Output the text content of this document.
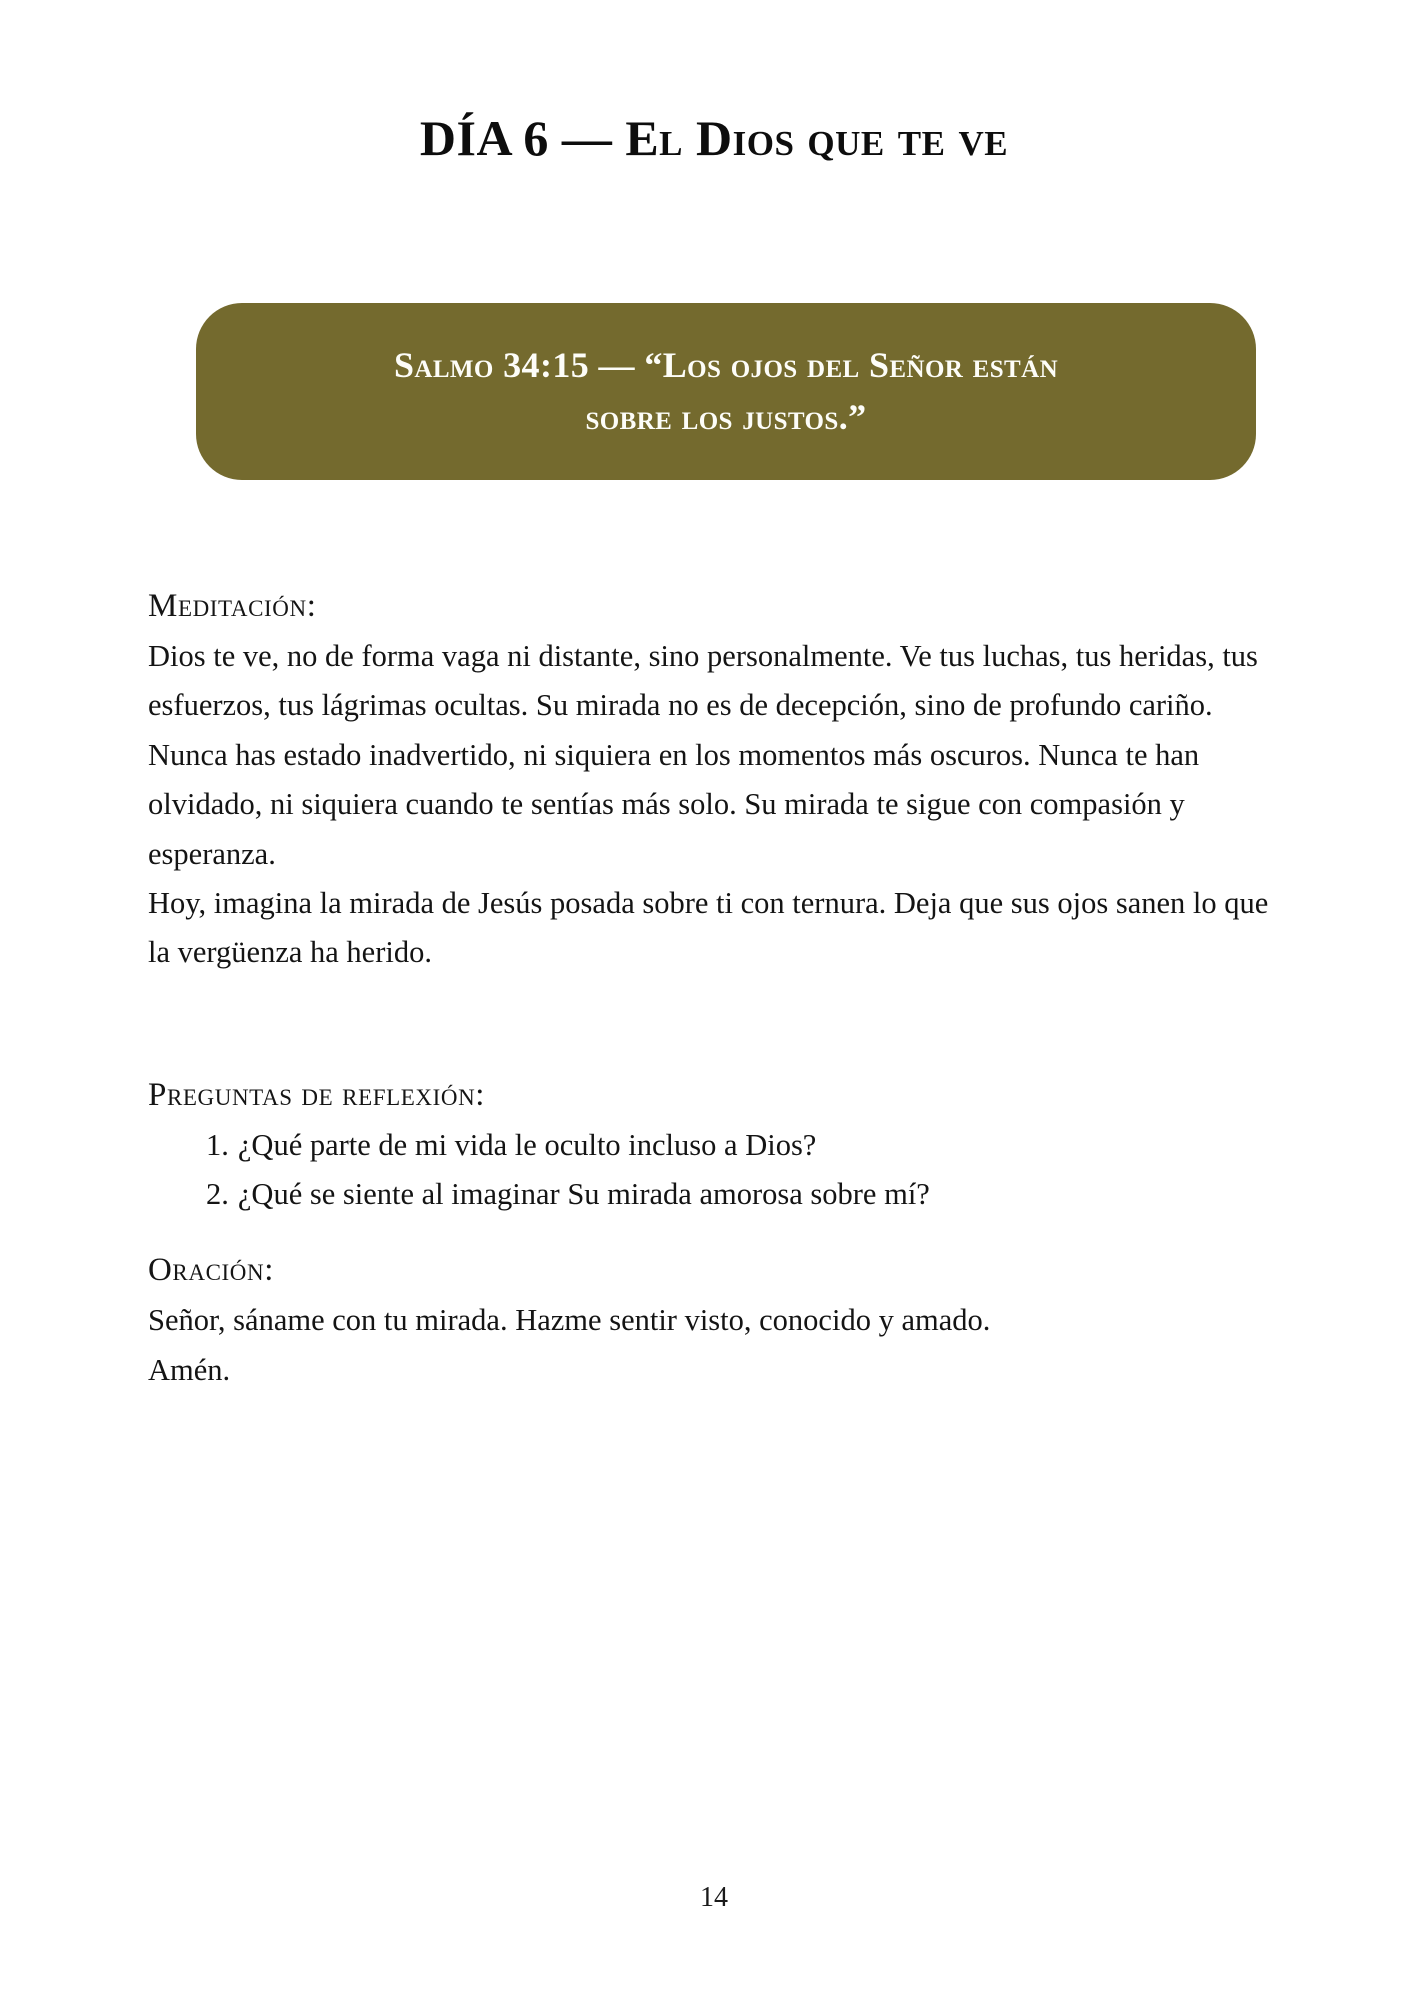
DÍA 6 — El Dios que te ve

Salmo 34:15 — “Los ojos del Señor están
sobre los justos.”

Meditación:

Dios te ve, no de forma vaga ni distante, sino personalmente. Ve tus luchas, tus heridas, tus esfuerzos, tus lágrimas ocultas. Su mirada no es de decepción, sino de profundo cariño.

Nunca has estado inadvertido, ni siquiera en los momentos más oscuros. Nunca te han olvidado, ni siquiera cuando te sentías más solo. Su mirada te sigue con compasión y esperanza.

Hoy, imagina la mirada de Jesús posada sobre ti con ternura. Deja que sus ojos sanen lo que la vergüenza ha herido.

Preguntas de reflexión:
1. ¿Qué parte de mi vida le oculto incluso a Dios?
2. ¿Qué se siente al imaginar Su mirada amorosa sobre mí?
Oración:

Señor, sáname con tu mirada. Hazme sentir visto, conocido y amado.

Amén.

14
